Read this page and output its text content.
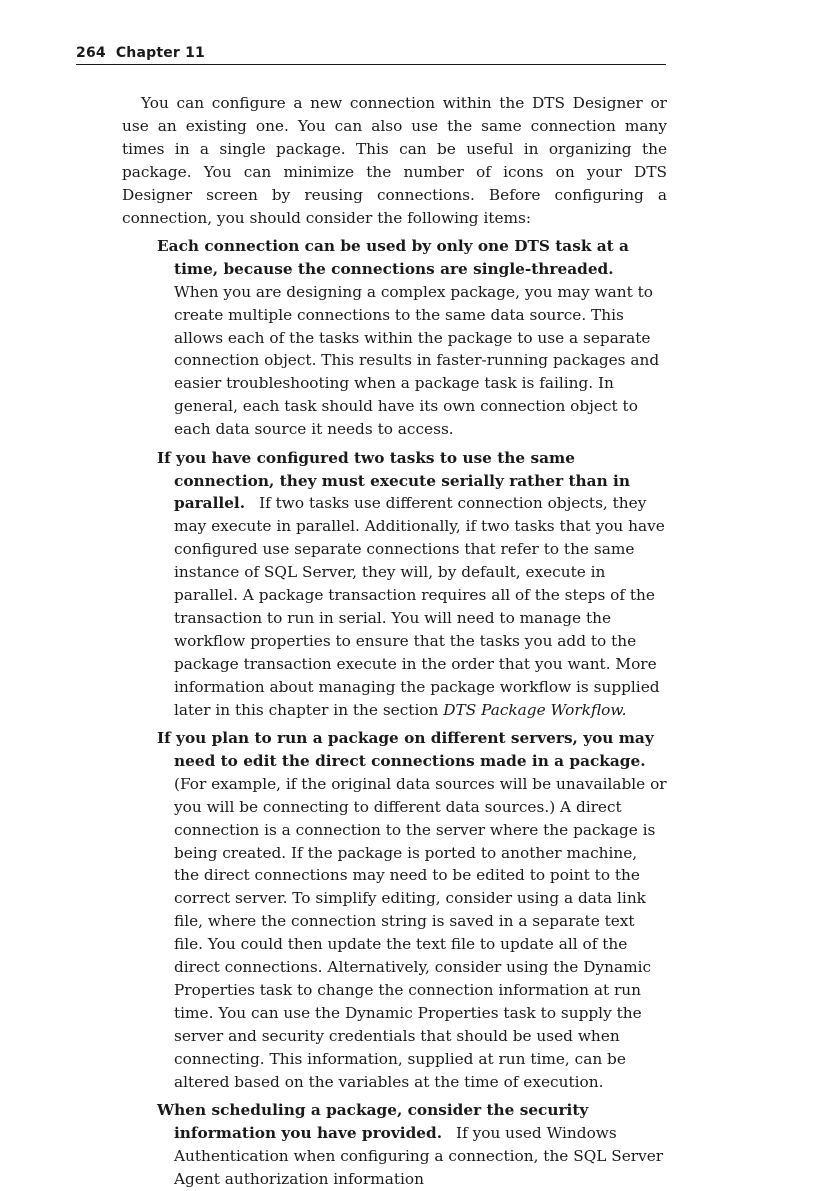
264 Chapter 11

You can configure a new connection within the DTS Designer or use an existing one. You can also use the same connection many times in a single package. This can be useful in organizing the package. You can minimize the number of icons on your DTS Designer screen by reusing connections. Before configuring a connection, you should consider the following items:

Each connection can be used by only one DTS task at a time, because the connections are single-threaded.When you are designing a complex package, you may want to create multiple connections to the same data source. This allows each of the tasks within the package to use a separate connection object. This results in faster-running packages and easier troubleshooting when a package task is failing. In general, each task should have its own connection object to each data source it needs to access.

If you have configured two tasks to use the same connection, they must execute serially rather than in parallel. If two tasks use different connection objects, they may execute in parallel. Additionally, if two tasks that you have configured use separate connections that refer to the same instance of SQL Server, they will, by default, execute in parallel. A package transaction requires all of the steps of the transaction to run in serial. You will need to manage the workflow properties to ensure that the tasks you add to the package transaction execute in the order that you want. More information about managing the package workflow is supplied later in this chapter in the section DTS Package Workflow.

If you plan to run a package on different servers, you may need to edit the direct connections made in a package.(For example, if the original data sources will be unavailable or you will be connecting to different data sources.) A direct connection is a connection to the server where the package is being created. If the package is ported to another machine, the direct connections may need to be edited to point to the correct server. To simplify editing, consider using a data link file, where the connection string is saved in a separate text file. You could then update the text file to update all of the direct connections. Alternatively, consider using the Dynamic Properties task to change the connection information at run time. You can use the Dynamic Properties task to supply the server and security credentials that should be used when connecting. This information, supplied at run time, can be altered based on the variables at the time of execution.

When scheduling a package, consider the security information you have provided. If you used Windows Authentication when configuring a connection, the SQL Server Agent authorization information
